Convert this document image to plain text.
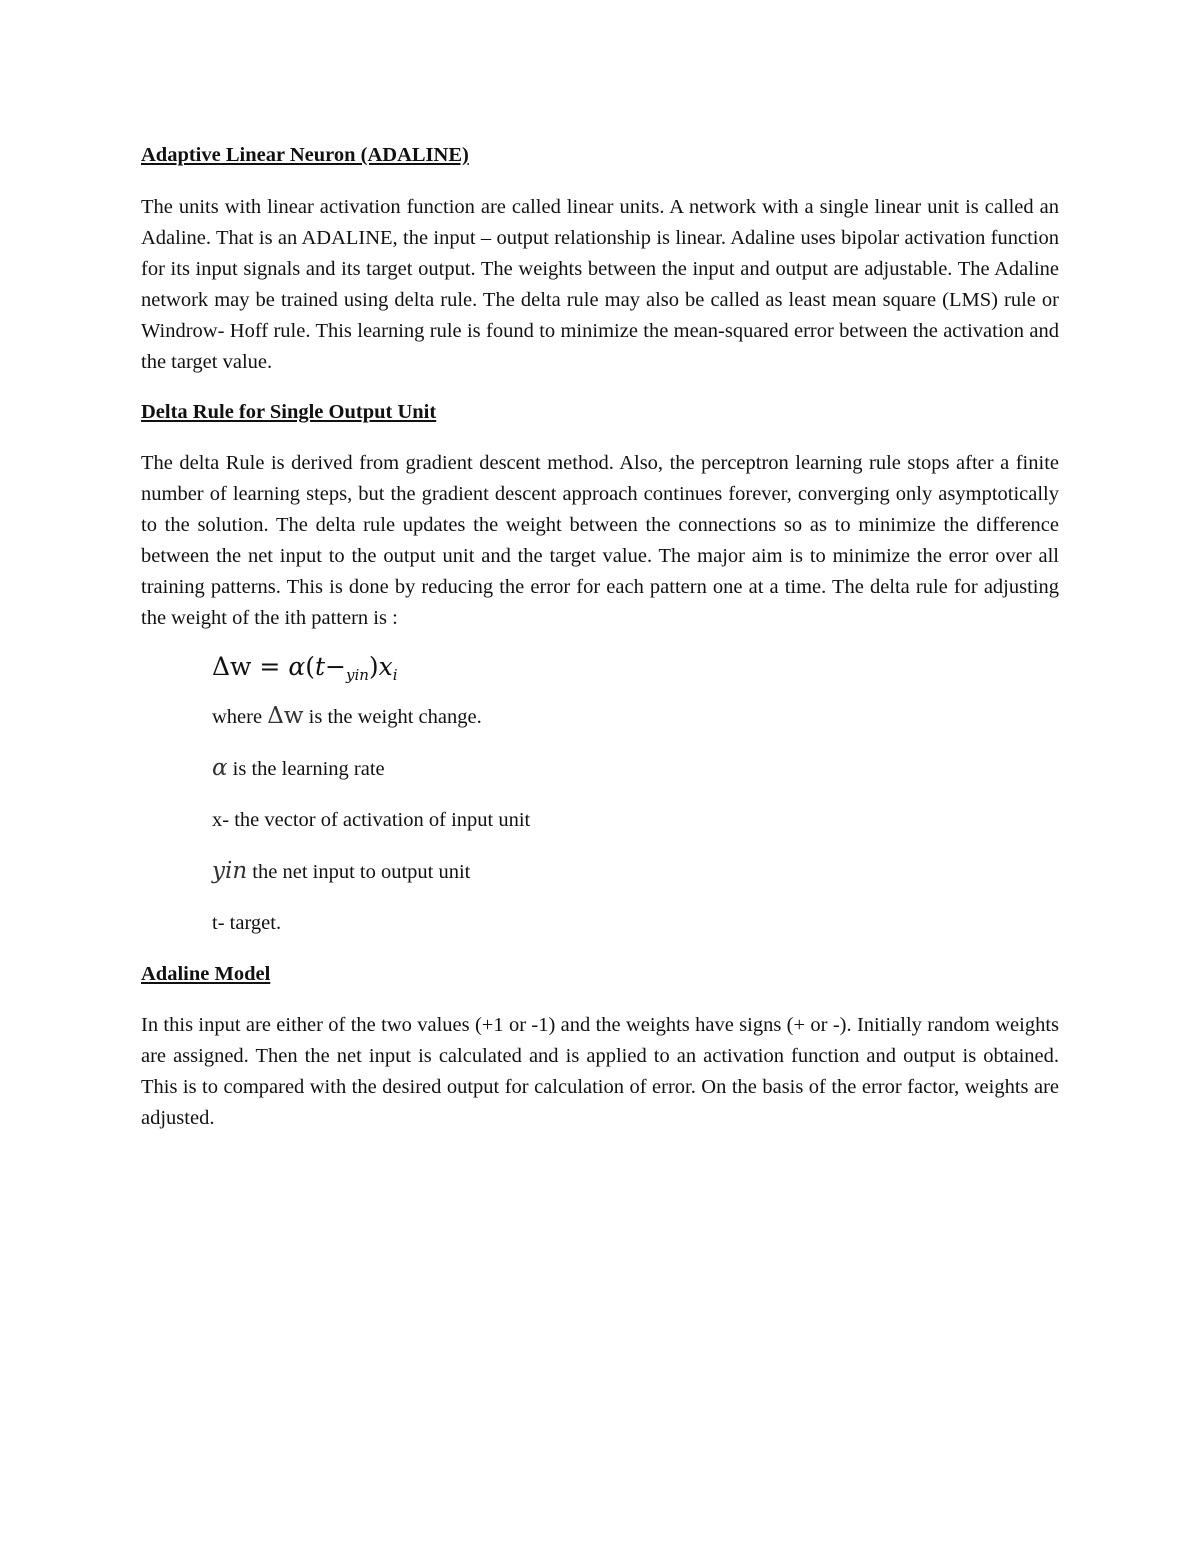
Adaptive Linear Neuron (ADALINE)

The units with linear activation function are called linear units. A network with a single linear unit is called an Adaline. That is an ADALINE, the input – output relationship is linear. Adaline uses bipolar activation function for its input signals and its target output. The weights between the input and output are adjustable. The Adaline network may be trained using delta rule. The delta rule may also be called as least mean square (LMS) rule or Windrow- Hoff rule. This learning rule is found to minimize the mean-squared error between the activation and the target value.

Delta Rule for Single Output Unit

The delta Rule is derived from gradient descent method. Also, the perceptron learning rule stops after a finite number of learning steps, but the gradient descent approach continues forever, converging only asymptotically to the solution. The delta rule updates the weight between the connections so as to minimize the difference between the net input to the output unit and the target value. The major aim is to minimize the error over all training patterns. This is done by reducing the error for each pattern one at a time. The delta rule for adjusting the weight of the ith pattern is :

$\Delta w = \alpha(t-_{yin})x_i$
where Δw is the weight change.
α is the learning rate
x- the vector of activation of input unit
yin the net input to output unit
t- target.
Adaline Model

In this input are either of the two values (+1 or -1) and the weights have signs (+ or -). Initially random weights are assigned. Then the net input is calculated and is applied to an activation function and output is obtained. This is to compared with the desired output for calculation of error. On the basis of the error factor, weights are adjusted.
